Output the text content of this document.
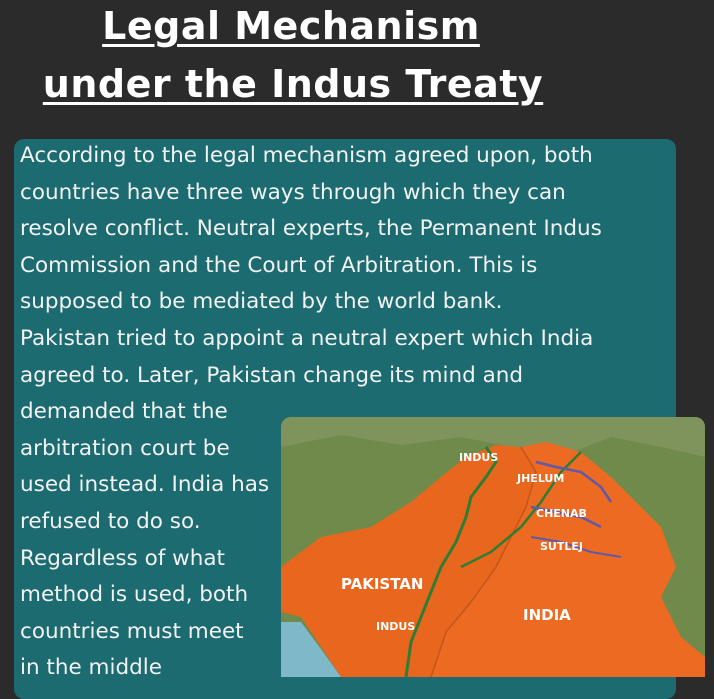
Legal Mechanism
under the Indus Treaty
According to the legal mechanism agreed upon, both
countries have three ways through which they can
resolve conflict. Neutral experts, the Permanent Indus
Commission and the Court of Arbitration. This is
supposed to be mediated by the world bank.
Pakistan tried to appoint a neutral expert which India
agreed to. Later, Pakistan change its mind and
demanded that the
arbitration court be
used instead. India has
refused to do so.
Regardless of what
method is used, both
countries must meet
in the middle
INDUS
JHELUM
CHENAB
SUTLEJ
PAKISTAN
INDUS
INDIA
